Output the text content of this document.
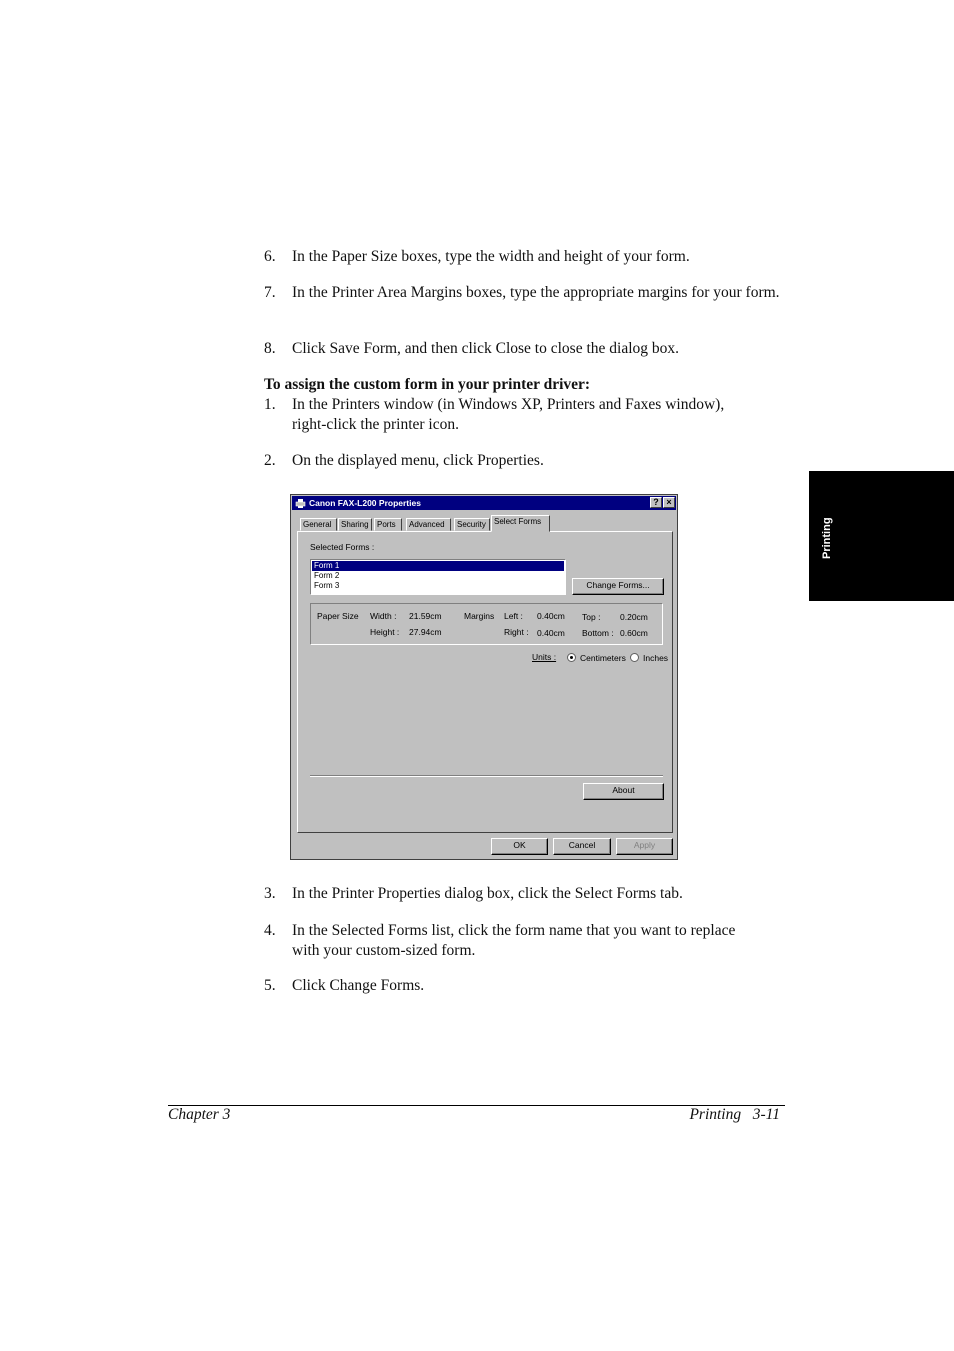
6. In the Paper Size boxes, type the width and height of your form.
7. In the Printer Area Margins boxes, type the appropriate margins for your form.
8. Click Save Form, and then click Close to close the dialog box.
To assign the custom form in your printer driver:
1. In the Printers window (in Windows XP, Printers and Faxes window), right-click the printer icon.
2. On the displayed menu, click Properties.
Printing
Canon FAX-L200 Properties	? ×
General	Sharing	Ports	Advanced	Security	Select Forms
Selected Forms :
Form 1
Form 2
Form 3	Change Forms...
Paper Size Width : 21.59cm
Height : 27.94cm
Margins Left : 0.40cm
Right : 0.40cm
Top : 0.20cm
Bottom : 0.60cm
Units :	Centimeters Inches
About
OK	Cancel	Apply
3. In the Printer Properties dialog box, click the Select Forms tab.
4. In the Selected Forms list, click the form name that you want to replace with your custom-sized form.
5. Click Change Forms.
Chapter 3	Printing   3-11
